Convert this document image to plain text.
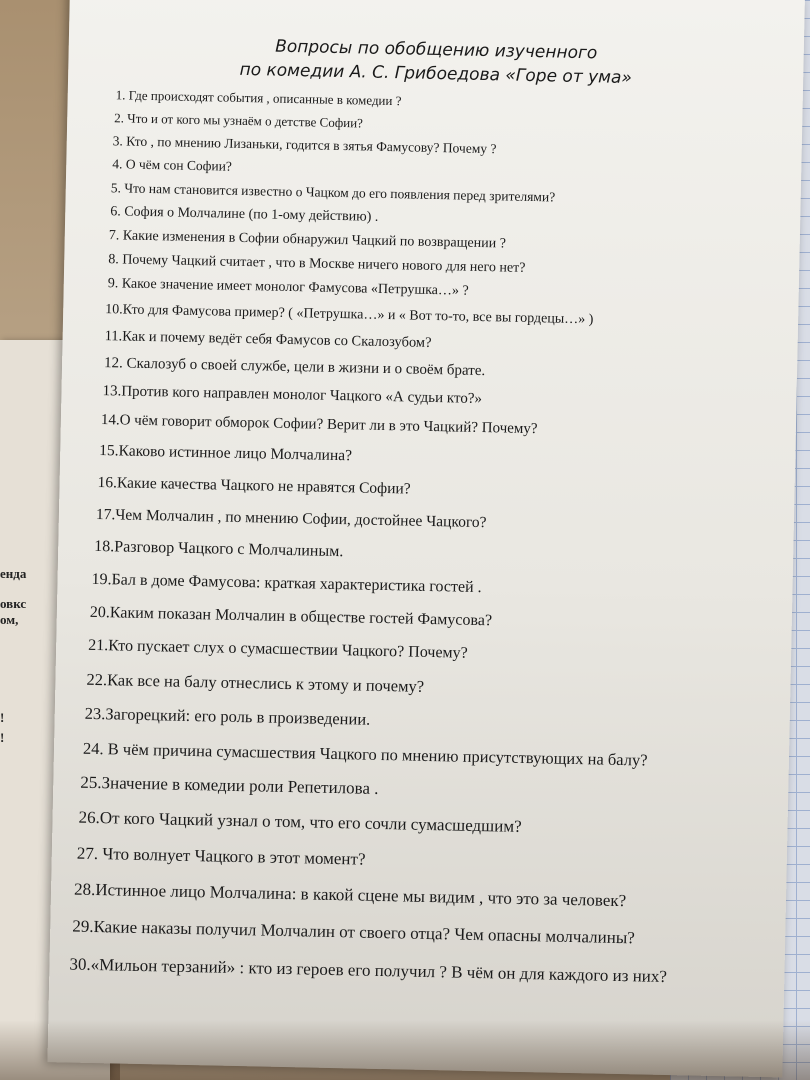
енда
овкс
ом,
!
!
Вопросы по обобщению изученного
по комедии А. С. Грибоедова «Горе от ума»
1. Где происходят события , описанные в комедии ?
2. Что и от кого мы узнаём о детстве Софии?
3. Кто , по мнению Лизаньки, годится в зятья Фамусову? Почему ?
4. О чём сон Софии?
5. Что нам становится известно о Чацком до его появления перед зрителями?
6. София о Молчалине (по 1-ому действию) .
7. Какие изменения в Софии обнаружил Чацкий по возвращении ?
8. Почему Чацкий считает , что в Москве ничего нового для него нет?
9. Какое значение имеет монолог Фамусова «Петрушка…» ?
10.Кто для Фамусова пример? ( «Петрушка…» и « Вот то-то, все вы гордецы…» )
11.Как и почему ведёт себя Фамусов со Скалозубом?
12. Скалозуб о своей службе, цели в жизни и о своём брате.
13.Против кого направлен монолог Чацкого «А судьи кто?»
14.О чём говорит обморок Софии? Верит ли в это Чацкий? Почему?
15.Каково истинное лицо Молчалина?
16.Какие качества Чацкого не нравятся Софии?
17.Чем Молчалин , по мнению Софии, достойнее Чацкого?
18.Разговор Чацкого с Молчалиным.
19.Бал в доме Фамусова: краткая характеристика гостей .
20.Каким показан Молчалин в обществе гостей Фамусова?
21.Кто пускает слух о сумасшествии Чацкого? Почему?
22.Как все на балу отнеслись к этому и почему?
23.Загорецкий: его роль в произведении.
24. В чём причина сумасшествия Чацкого по мнению присутствующих на балу?
25.Значение в комедии роли Репетилова .
26.От кого Чацкий узнал о том, что его сочли сумасшедшим?
27. Что волнует Чацкого в этот момент?
28.Истинное лицо Молчалина: в какой сцене мы видим , что это за человек?
29.Какие наказы получил Молчалин от своего отца? Чем опасны молчалины?
30.«Мильон терзаний» : кто из героев его получил ? В чём он для каждого из них?
